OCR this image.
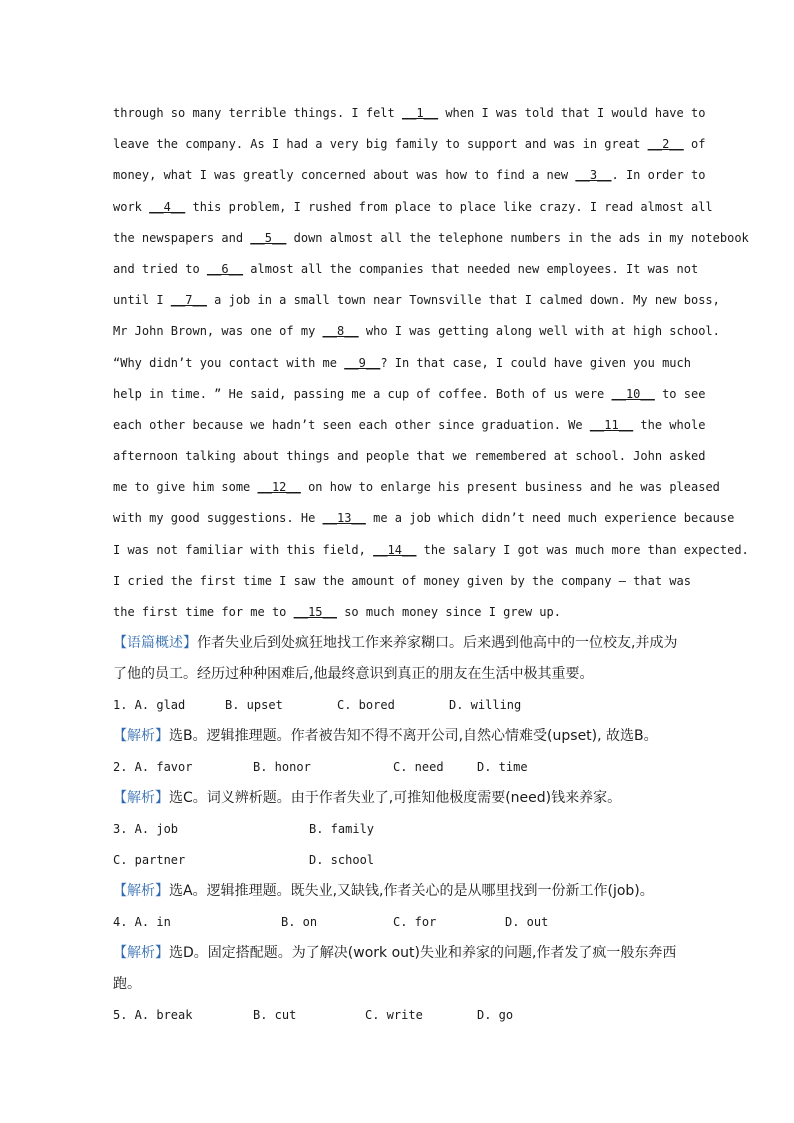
through so many terrible things. I felt __1__ when I was told that I would have to
leave the company. As I had a very big family to support and was in great __2__ of
money, what I was greatly concerned about was how to find a new __3__. In order to
work __4__ this problem, I rushed from place to place like crazy. I read almost all
the newspapers and __5__ down almost all the telephone numbers in the ads in my notebook
and tried to __6__ almost all the companies that needed new employees. It was not
until I __7__ a job in a small town near Townsville that I calmed down. My new boss,
Mr John Brown, was one of my __8__ who I was getting along well with at high school.
“Why didn’t you contact with me __9__? In that case, I could have given you much
help in time. ” He said, passing me a cup of coffee. Both of us were __10__ to see
each other because we hadn’t seen each other since graduation. We __11__ the whole
afternoon talking about things and people that we remembered at school. John asked
me to give him some __12__ on how to enlarge his present business and he was pleased
with my good suggestions. He __13__ me a job which didn’t need much experience because
I was not familiar with this field, __14__ the salary I got was much more than expected.
I cried the first time I saw the amount of money given by the company — that was
the first time for me to __15__ so much money since I grew up.
【语篇概述】作者失业后到处疯狂地找工作来养家糊口。后来遇到他高中的一位校友,并成为了他的员工。经历过种种困难后,他最终意识到真正的朋友在生活中极其重要。
1. A. glad	B. upset	C. bored	D. willing
【解析】选B。逻辑推理题。作者被告知不得不离开公司,自然心情难受(upset), 故选B。
2. A. favor	B. honor	C. need	D. time
【解析】选C。词义辨析题。由于作者失业了,可推知他极度需要(need)钱来养家。
3. A. job	B. family
C. partner	D. school
【解析】选A。逻辑推理题。既失业,又缺钱,作者关心的是从哪里找到一份新工作(job)。
4. A. in	B. on	C. for	D. out
【解析】选D。固定搭配题。为了解决(work out)失业和养家的问题,作者发了疯一般东奔西跑。
5. A. break	B. cut	C. write	D. go
